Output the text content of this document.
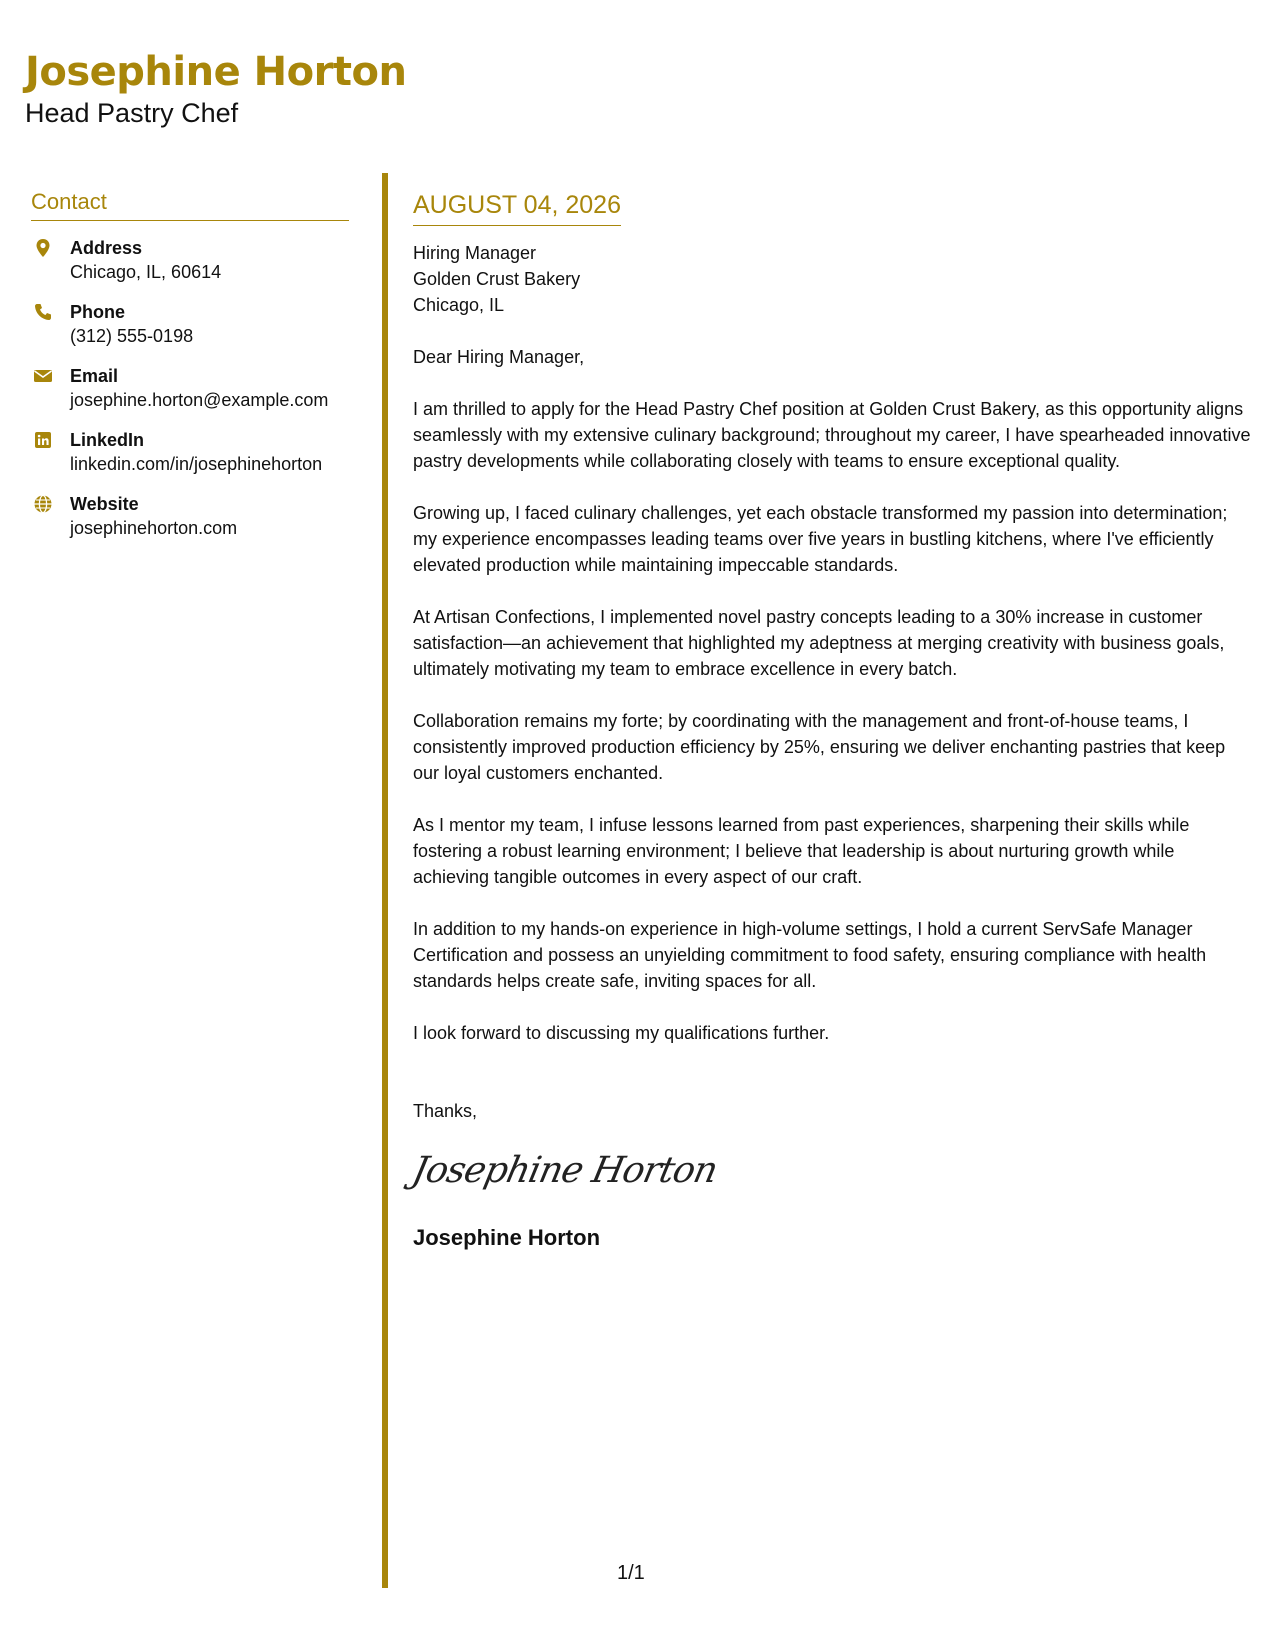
Josephine Horton
Head Pastry Chef
Contact
Address
Chicago, IL, 60614
Phone
(312) 555-0198
Email
josephine.horton@example.com
LinkedIn
linkedin.com/in/josephinehorton
Website
josephinehorton.com
AUGUST 04, 2026
Hiring Manager
Golden Crust Bakery
Chicago, IL
Dear Hiring Manager,
I am thrilled to apply for the Head Pastry Chef position at Golden Crust Bakery, as this opportunity aligns seamlessly with my extensive culinary background; throughout my career, I have spearheaded innovative pastry developments while collaborating closely with teams to ensure exceptional quality.
Growing up, I faced culinary challenges, yet each obstacle transformed my passion into determination; my experience encompasses leading teams over five years in bustling kitchens, where I've efficiently elevated production while maintaining impeccable standards.
At Artisan Confections, I implemented novel pastry concepts leading to a 30% increase in customer satisfaction—an achievement that highlighted my adeptness at merging creativity with business goals, ultimately motivating my team to embrace excellence in every batch.
Collaboration remains my forte; by coordinating with the management and front-of-house teams, I consistently improved production efficiency by 25%, ensuring we deliver enchanting pastries that keep our loyal customers enchanted.
As I mentor my team, I infuse lessons learned from past experiences, sharpening their skills while fostering a robust learning environment; I believe that leadership is about nurturing growth while achieving tangible outcomes in every aspect of our craft.
In addition to my hands-on experience in high-volume settings, I hold a current ServSafe Manager Certification and possess an unyielding commitment to food safety, ensuring compliance with health standards helps create safe, inviting spaces for all.
I look forward to discussing my qualifications further.
Thanks,
Josephine Horton
Josephine Horton
1/1
